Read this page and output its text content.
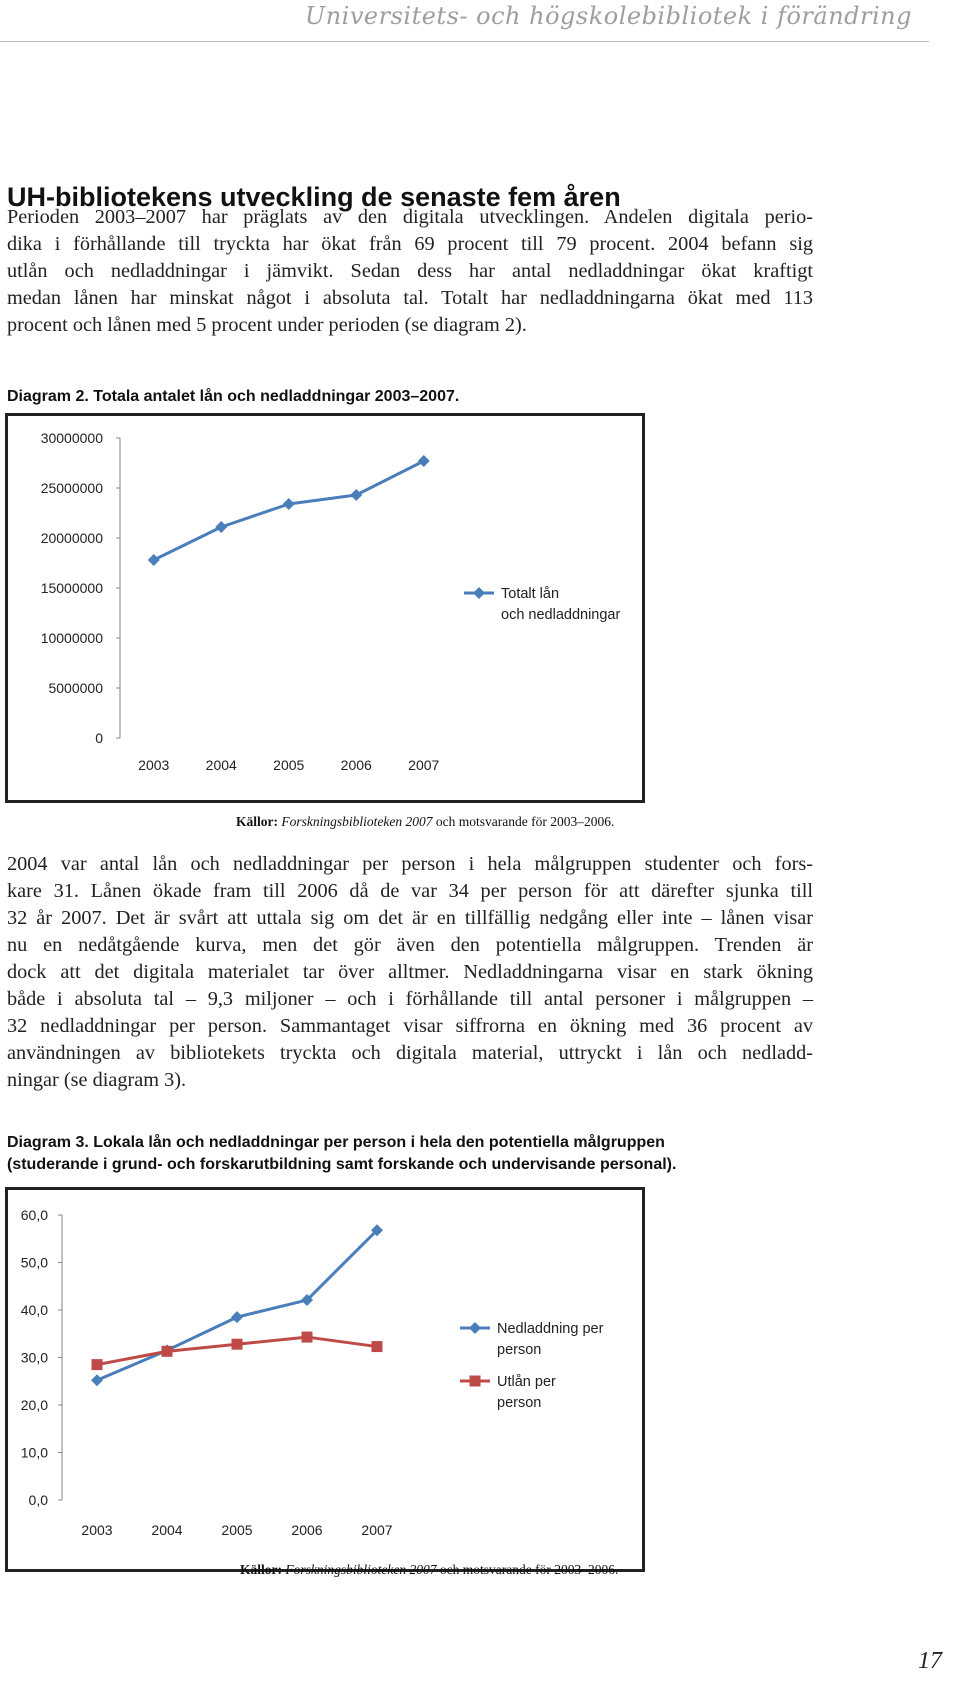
Universitets- och högskolebibliotek i förändring
UH-bibliotekens utveckling de senaste fem åren
Perioden 2003–2007 har präglats av den digitala utvecklingen. Andelen digitala perio-
dika i förhållande till tryckta har ökat från 69 procent till 79 procent. 2004 befann sig
utlån och nedladdningar i jämvikt. Sedan dess har antal nedladdningar ökat kraftigt
medan lånen har minskat något i absoluta tal. Totalt har nedladdningarna ökat med 113
procent och lånen med 5 procent under perioden (se diagram 2).

Diagram 2. Totala antalet lån och nedladdningar 2003–2007.

0
5000000
10000000
15000000
20000000
25000000
30000000
2003	2004	2005	2006	2007
Totalt lån och nedladdningar
Källor: Forskningsbiblioteken 2007 och motsvarande för 2003–2006.
2004 var antal lån och nedladdningar per person i hela målgruppen studenter och fors-
kare 31. Lånen ökade fram till 2006 då de var 34 per person för att därefter sjunka till
32 år 2007. Det är svårt att uttala sig om det är en tillfällig nedgång eller inte – lånen visar
nu en nedåtgående kurva, men det gör även den potentiella målgruppen. Trenden är
dock att det digitala materialet tar över alltmer. Nedladdningarna visar en stark ökning
både i absoluta tal – 9,3 miljoner – och i förhållande till antal personer i målgruppen –
32 nedladdningar per person. Sammantaget visar siffrorna en ökning med 36 procent av
användningen av bibliotekets tryckta och digitala material, uttryckt i lån och nedladd-
ningar (se diagram 3).

Diagram 3. Lokala lån och nedladdningar per person i hela den potentiella målgruppen

(studerande i grund- och forskarutbildning samt forskande och undervisande personal).

0,0
10,0
20,0
30,0
40,0
50,0
60,0
2003	2004	2005	2006	2007
Nedladdning per person
Utlån per person
Källor: Forskningsbiblioteken 2007 och motsvarande för 2003–2006.
17
